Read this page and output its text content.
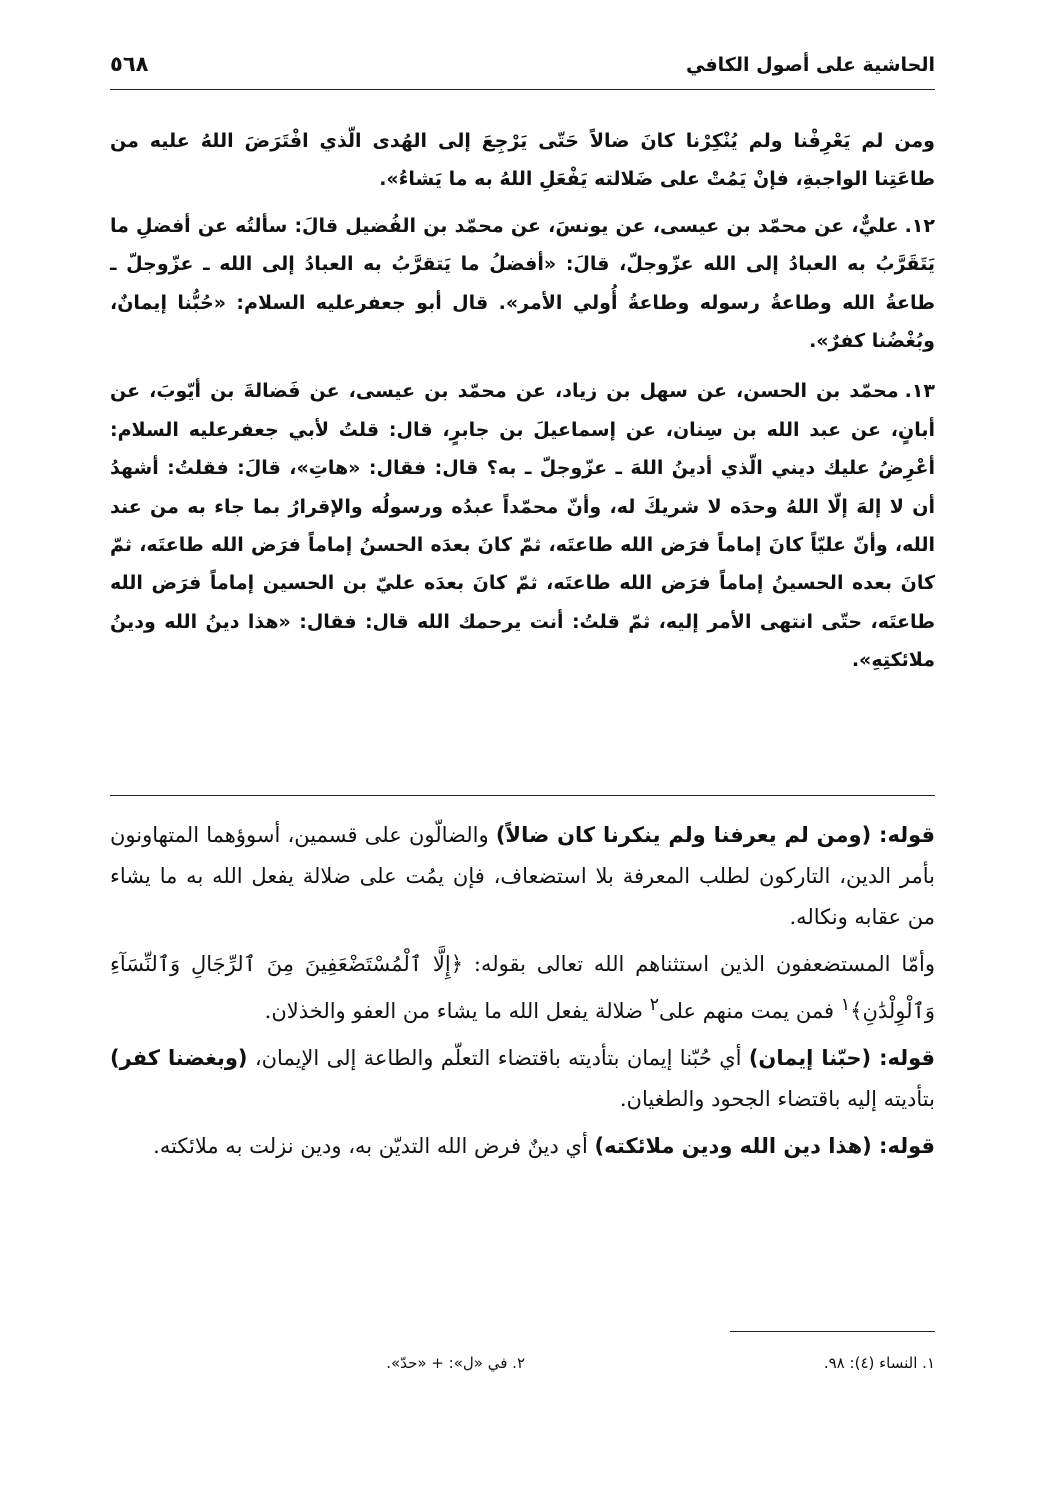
الحاشية على أصول الكافي
٥٦٨

ومن لم يَعْرِفْنا ولم يُنْكِرْنا كانَ ضالاً حَتّى يَرْجِعَ إلى الهُدى الّذي افْتَرَضَ اللهُ عليه من طاعَتِنا الواجبةِ، فإنْ يَمُتْ على ضَلالته يَفْعَلِ اللهُ به ما يَشاءُ».

١٢.عليٌّ، عن محمّد بن عيسى، عن يونسَ، عن محمّد بن الفُضيل قالَ: سألتُه عن أفضلِ ما يَتَقَرَّبُ به العبادُ إلى الله عزّوجلّ، قالَ: «أفضلُ ما يَتقرَّبُ به العبادُ إلى الله ـ عزّوجلّ ـ طاعةُ الله وطاعةُ رسوله وطاعةُ أُولي الأمر». قال أبو جعفرعليه السلام: «حُبُّنا إيمانٌ، وبُغْضُنا كفرٌ».

١٣.محمّد بن الحسن، عن سهل بن زياد، عن محمّد بن عيسى، عن فَضالةَ بن أيّوبَ، عن أبانٍ، عن عبد الله بن سِنان، عن إسماعيلَ بن جابرٍ، قال: قلتُ لأبي جعفرعليه السلام: أعْرِضُ عليك ديني الّذي أدينُ اللهَ ـ عزّوجلّ ـ به؟ قال: فقال: «هاتِ»، قالَ: فقلتُ: أشهدُ أن لا إلهَ إلّا اللهُ وحدَه لا شريكَ له، وأنّ محمّداً عبدُه ورسولُه والإقرارُ بما جاء به من عند الله، وأنّ عليّاً كانَ إماماً فرَض الله طاعتَه، ثمّ كانَ بعدَه الحسنُ إماماً فرَض الله طاعتَه، ثمّ كانَ بعده الحسينُ إماماً فرَض الله طاعتَه، ثمّ كانَ بعدَه عليّ بن الحسين إماماً فرَض الله طاعتَه، حتّى انتهى الأمر إليه، ثمّ قلتُ: أنت يرحمك الله قال: فقال: «هذا دينُ الله ودينُ ملائكتِهِ».

قوله: (ومن لم يعرفنا ولم ينكرنا كان ضالاً) والضالّون على قسمين، أسوؤهما المتهاونون بأمر الدين، التاركون لطلب المعرفة بلا استضعاف، فإن يمُت على ضلالة يفعل الله به ما يشاء من عقابه ونكاله.

وأمّا المستضعفون الذين استثناهم الله تعالى بقوله: ﴿إِلَّا ٱلْمُسْتَضْعَفِينَ مِنَ ٱلرِّجَالِ وَٱلنِّسَآءِ وَٱلْوِلْدَٰنِ﴾$^١$ فمن يمت منهم على$^٢$ ضلالة يفعل الله ما يشاء من العفو والخذلان.

قوله: (حبّنا إيمان) أي حُبّنا إيمان بتأديته باقتضاء التعلّم والطاعة إلى الإيمان، (وبغضنا كفر) بتأديته إليه باقتضاء الجحود والطغيان.

قوله: (هذا دين الله ودين ملائكته) أي دينٌ فرض الله التديّن به، ودين نزلت به ملائكته.

١. النساء (٤): ٩٨.
٢. في «ل»: + «حدّ».
